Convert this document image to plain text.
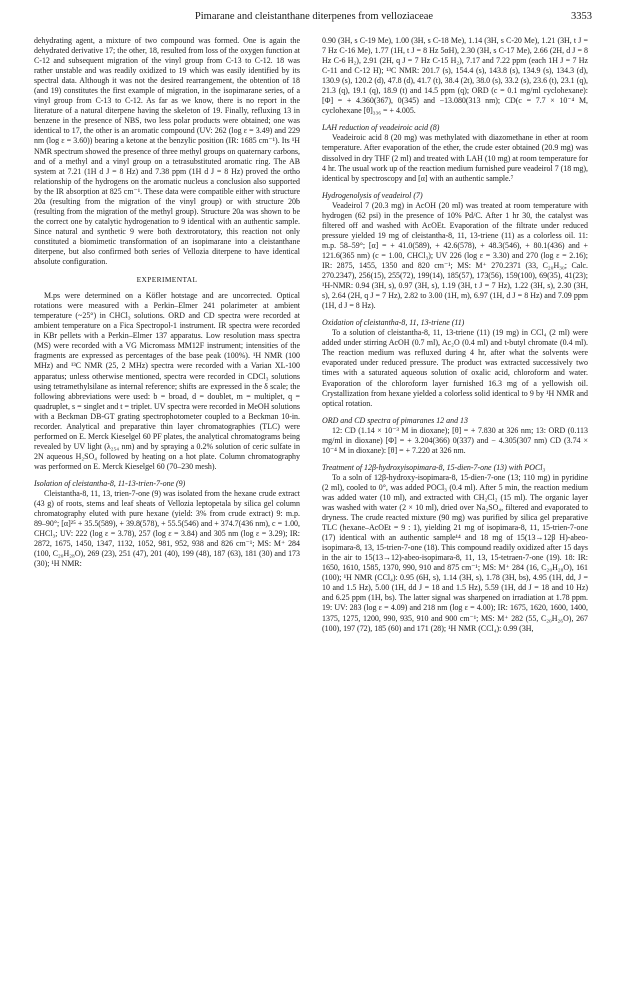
Pimarane and cleistanthane diterpenes from velloziaceae	3353

dehydrating agent, a mixture of two compound was formed. One is again the dehydrated derivative 17; the other, 18, resulted from loss of the oxygen function at C-12 and subsequent migration of the vinyl group from C-13 to C-12. 18 was rather unstable and was readily oxidized to 19 which was easily identified by its spectral data. Although it was not the desired rearrangement, the obtention of 18 (and 19) constitutes the first example of migration, in the isopimarane series, of a vinyl group from C-13 to C-12. As far as we know, there is no report in the literature of a natural diterpene having the skeleton of 19. Finally, refluxing 13 in benzene in the presence of NBS, two less polar products were obtained; one was identical to 17, the other is an aromatic compound (UV: 262 (log ε = 3.49) and 229 nm (log ε = 3.60)) bearing a ketone at the benzylic position (IR: 1685 cm⁻¹). Its ¹H NMR spectrum showed the presence of three methyl groups on quaternary carbons, and of a methyl and a vinyl group on a tetrasubstituted aromatic ring. The AB system at 7.21 (1H d J = 8 Hz) and 7.38 ppm (1H d J = 8 Hz) proved the ortho relationship of the hydrogens on the aromatic nucleus a conclusion also supported by the IR absorption at 825 cm⁻¹. These data were compatible either with structure 20a (resulting from the migration of the vinyl group) or with structure 20b (resulting from the migration of the methyl group). Structure 20a was shown to be the correct one by catalytic hydrogenation to 9 identical with an authentic sample. Since natural and synthetic 9 were both dextrorotatory, this reaction not only constituted a biomimetic transformation of an isopimarane into a cleistanthane diterpene, but also confirmed both series of Vellozia diterpene to have identical absolute configuration.

EXPERIMENTAL

M.ps were determined on a Köfler hotstage and are uncorrected. Optical rotations were measured with a Perkin–Elmer 241 polarimeter at ambient temperature (~25°) in CHCl₃ solutions. ORD and CD spectra were recorded at ambient temperature on a Fica Spectropol-1 instrument. IR spectra were recorded in KBr pellets with a Perkin–Elmer 137 apparatus. Low resolution mass spectra (MS) were recorded with a VG Micromass MM12F instrument; intensities of the fragments are expressed as percentages of the base peak (100%). ¹H NMR (100 MHz) and ¹³C NMR (25, 2 MHz) spectra were recorded with a Varian XL-100 apparatus; unless otherwise mentioned, spectra were recorded in CDCl₃ solutions using tetramethylsilane as internal reference; shifts are expressed in the δ scale; the following abbreviations were used: b = broad, d = doublet, m = multiplet, q = quadruplet, s = singlet and t = triplet. UV spectra were recorded in MeOH solutions with a Beckman DB-GT grating spectrophotometer coupled to a Beckman 10-in. recorder. Analytical and preparative thin layer chromatographies (TLC) were performed on E. Merck Kieselgel 60 PF plates, the analytical chromatograms being revealed by UV light (λ₂₅₄ nm) and by spraying a 0.2% solution of ceric sulfate in 2N aqueous H₂SO₄ followed by heating on a hot plate. Column chromatography was performed on E. Merck Kieselgel 60 (70–230 mesh).

Isolation of cleistantha-8, 11-13-trien-7-one (9)

Cleistantha-8, 11, 13, trien-7-one (9) was isolated from the hexane crude extract (43 g) of roots, stems and leaf sheats of Vellozia leptopetala by silica gel column chromatography eluted with pure hexane (yield: 3% from crude extract) 9: m.p. 89–90°; [α]²⁵ + 35.5(589), + 39.8(578), + 55.5(546) and + 374.7(436 nm), c = 1.00, CHCl₃; UV: 222 (log ε = 3.78), 257 (log ε = 3.84) and 305 nm (log ε = 3.29); IR: 2872, 1675, 1450, 1347, 1132, 1052, 981, 952, 938 and 826 cm⁻¹; MS: M⁺ 284 (100, C₂₀H₂₈O), 269 (23), 251 (47), 201 (40), 199 (48), 187 (63), 181 (30) and 173 (30); ¹H NMR:

0.90 (3H, s C-19 Me), 1.00 (3H, s C-18 Me), 1.14 (3H, s C-20 Me), 1.21 (3H, t J = 7 Hz C-16 Me), 1.77 (1H, t J = 8 Hz 5αH), 2.30 (3H, s C-17 Me), 2.66 (2H, d J = 8 Hz C-6 H₂), 2.91 (2H, q J = 7 Hz C-15 H₂), 7.17 and 7.22 ppm (each 1H J = 7 Hz C-11 and C-12 H); ¹³C NMR: 201.7 (s), 154.4 (s), 143.8 (s), 134.9 (s), 134.3 (d), 130.9 (s), 120.2 (d), 47.8 (d), 41.7 (t), 38.4 (2t), 38.0 (s), 33.2 (s), 23.6 (t), 23.1 (q), 21.3 (q), 19.1 (q), 18.9 (t) and 14.5 ppm (q); ORD (c = 0.1 mg/ml cyclohexane): [Φ] = + 4.360(367), 0(345) and −13.080(313 nm); CD(c = 7.7 × 10⁻⁴ M, cyclohexane [θ]₃₃₆ = + 4.005.

LAH reduction of veadeiroic acid (8)

Veadeiroic acid 8 (20 mg) was methylated with diazomethane in ether at room temperature. After evaporation of the ether, the crude ester obtained (20.9 mg) was dissolved in dry THF (2 ml) and treated with LAH (10 mg) at room temperature for 4 hr. The usual work up of the reaction medium furnished pure veadeirol 7 (18 mg), identical by spectroscopy and [α] with an authentic sample.⁷

Hydrogenolysis of veadeirol (7)

Veadeirol 7 (20.3 mg) in AcOH (20 ml) was treated at room temperature with hydrogen (62 psi) in the presence of 10% Pd/C. After 1 hr 30, the catalyst was filtered off and washed with AcOEt. Evaporation of the filtrate under reduced pressure yielded 19 mg of cleistantha-8, 11, 13-triene (11) as a colorless oil. 11: m.p. 58–59°; [α] = + 41.0(589), + 42.6(578), + 48.3(546), + 80.1(436) and + 121.6(365 nm) (c = 1.00, CHCl₃); UV 226 (log ε = 3.30) and 270 (log ε = 2.16); IR: 2875, 1455, 1350 and 820 cm⁻¹; MS: M⁺ 270.2371 (33, C₂₀H₃₀; Calc. 270.2347), 256(15), 255(72), 199(14), 185(57), 173(56), 159(100), 69(35), 41(23); ¹H-NMR: 0.94 (3H, s), 0.97 (3H, s), 1.19 (3H, t J = 7 Hz), 1.22 (3H, s), 2.30 (3H, s), 2.64 (2H, q J = 7 Hz), 2.82 to 3.00 (1H, m), 6.97 (1H, d J = 8 Hz) and 7.09 ppm (1H, d J = 8 Hz).

Oxidation of cleistantha-8, 11, 13-triene (11)

To a solution of cleistantha-8, 11, 13-triene (11) (19 mg) in CCl₄ (2 ml) were added under stirring AcOH (0.7 ml), Ac₂O (0.4 ml) and t-butyl chromate (0.4 ml). The reaction medium was refluxed during 4 hr, after what the solvents were evaporated under reduced pressure. The product was extracted successively two times with a saturated aqueous solution of oxalic acid, chloroform and water. Evaporation of the chloroform layer furnished 16.3 mg of a yellowish oil. Crystallization from hexane yielded a colorless solid identical to 9 by ¹H NMR and optical rotation.

ORD and CD spectra of pimaranes 12 and 13

12: CD (1.14 × 10⁻³ M in dioxane); [θ] = + 7.830 at 326 nm; 13: ORD (0.113 mg/ml in dioxane) [Φ] = + 3.204(366) 0(337) and − 4.305(307 nm) CD (3.74 × 10⁻⁴ M in dioxane): [θ] = + 7.220 at 326 nm.

Treatment of 12β-hydroxyisopimara-8, 15-dien-7-one (13) with POCl₃

To a soln of 12β-hydroxy-isopimara-8, 15-dien-7-one (13; 110 mg) in pyridine (2 ml), cooled to 0°, was added POCl₃ (0.4 ml). After 5 min, the reaction medium was added water (10 ml), and extracted with CH₂Cl₂ (15 ml). The organic layer was washed with water (2 × 10 ml), dried over Na₂SO₄, filtered and evaporated to dryness. The crude reacted mixture (90 mg) was purified by silica gel preparative TLC (hexane–AcOEt = 9 : 1), yielding 21 mg of isopimara-8, 11, 15-trien-7-one (17) identical with an authentic sample¹⁴ and 18 mg of 15(13→12β H)-abeo-isopimara-8, 13, 15-trien-7-one (18). This compound readily oxidized after 15 days in the air to 15(13→12)-abeo-isopimara-8, 11, 13, 15-tetraen-7-one (19). 18: IR: 1650, 1610, 1585, 1370, 990, 910 and 875 cm⁻¹; MS: M⁺ 284 (16, C₂₀H₂₈O), 161 (100); ¹H NMR (CCl₄): 0.95 (6H, s), 1.14 (3H, s), 1.78 (3H, bs), 4.95 (1H, dd, J = 10 and 1.5 Hz), 5.00 (1H, dd J = 18 and 1.5 Hz), 5.59 (1H, dd J = 18 and 10 Hz) and 6.25 ppm (1H, bs). The latter signal was sharpened on irradiation at 1.78 ppm. 19: UV: 283 (log ε = 4.09) and 218 nm (log ε = 4.00); IR: 1675, 1620, 1600, 1400, 1375, 1275, 1200, 990, 935, 910 and 900 cm⁻¹; MS: M⁺ 282 (55, C₂₀H₂₆O), 267 (100), 197 (72), 185 (60) and 171 (28); ¹H NMR (CCl₄): 0.99 (3H,
